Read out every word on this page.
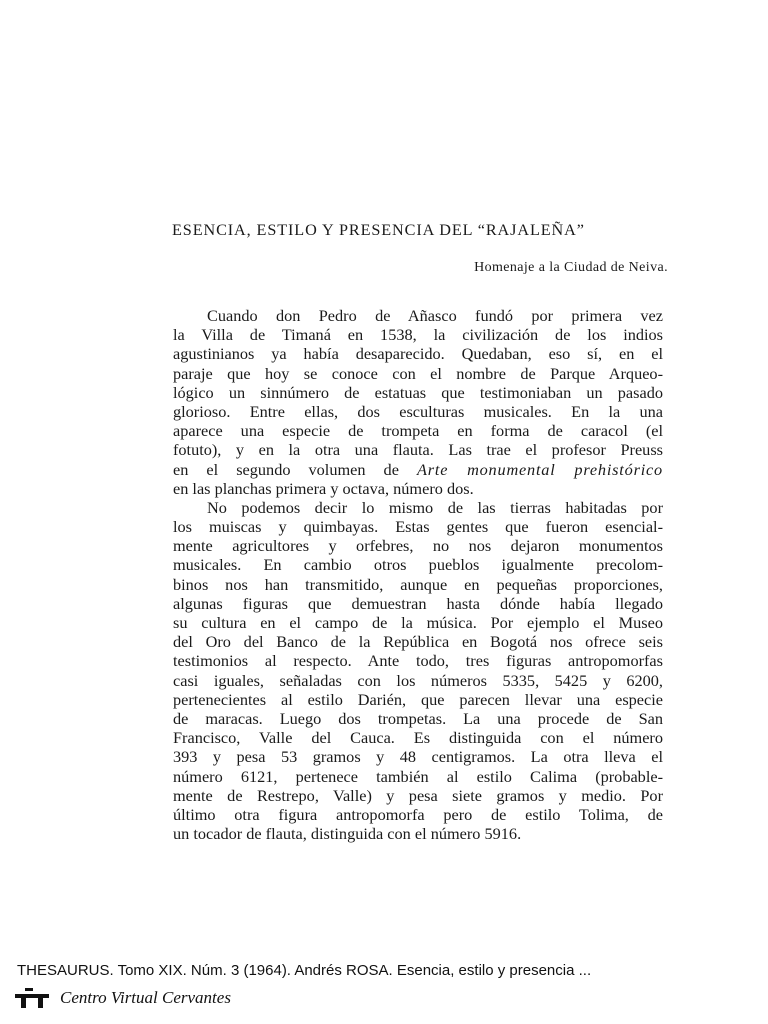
ESENCIA, ESTILO Y PRESENCIA DEL “RAJALEÑA”

Homenaje a la Ciudad de Neiva.

Cuando don Pedro de Añasco fundó por primera vez
la Villa de Timaná en 1538, la civilización de los indios
agustinianos ya había desaparecido. Quedaban, eso sí, en el
paraje que hoy se conoce con el nombre de Parque Arqueo-
lógico un sinnúmero de estatuas que testimoniaban un pasado
glorioso. Entre ellas, dos esculturas musicales. En la una
aparece una especie de trompeta en forma de caracol (el
fotuto), y en la otra una flauta. Las trae el profesor Preuss
en el segundo volumen de Arte monumental prehistórico
en las planchas primera y octava, número dos.
No podemos decir lo mismo de las tierras habitadas por
los muiscas y quimbayas. Estas gentes que fueron esencial-
mente agricultores y orfebres, no nos dejaron monumentos
musicales. En cambio otros pueblos igualmente precolom-
binos nos han transmitido, aunque en pequeñas proporciones,
algunas figuras que demuestran hasta dónde había llegado
su cultura en el campo de la música. Por ejemplo el Museo
del Oro del Banco de la República en Bogotá nos ofrece seis
testimonios al respecto. Ante todo, tres figuras antropomorfas
casi iguales, señaladas con los números 5335, 5425 y 6200,
pertenecientes al estilo Darién, que parecen llevar una especie
de maracas. Luego dos trompetas. La una procede de San
Francisco, Valle del Cauca. Es distinguida con el número
393 y pesa 53 gramos y 48 centigramos. La otra lleva el
número 6121, pertenece también al estilo Calima (probable-
mente de Restrepo, Valle) y pesa siete gramos y medio. Por
último otra figura antropomorfa pero de estilo Tolima, de
un tocador de flauta, distinguida con el número 5916.
THESAURUS. Tomo XIX. Núm. 3 (1964). Andrés ROSA. Esencia, estilo y presencia ...
Centro Virtual Cervantes
